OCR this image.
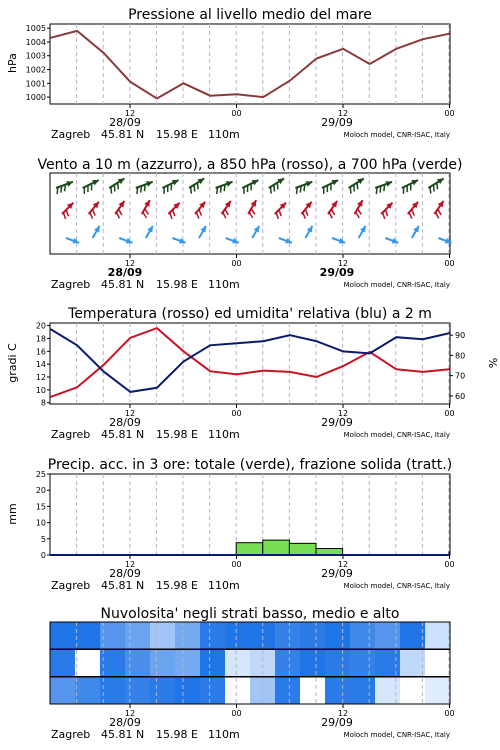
Pressione al livello medio del mare
1005
1004
1003
1002
1001
1000
hPa
12	00	12	00
28/09	29/09
Zagreb 45.81 N 15.98 E 110m	Moloch model, CNR-ISAC, Italy
Vento a 10 m (azzurro), a 850 hPa (rosso), a 700 hPa (verde)
12	00	12	00
28/09	29/09
Zagreb 45.81 N 15.98 E 110m	Moloch model, CNR-ISAC, Italy
Temperatura (rosso) ed umidita' relativa (blu) a 2 m
20
18
16
14
12
10
8
90
80
70
60
gradi C	%
12	00	12	00
28/09	29/09
Zagreb 45.81 N 15.98 E 110m	Moloch model, CNR-ISAC, Italy
Precip. acc. in 3 ore: totale (verde), frazione solida (tratt.)
25
20
15
10
5
0
mm
12	00	12	00
28/09	29/09
Zagreb 45.81 N 15.98 E 110m	Moloch model, CNR-ISAC, Italy
Nuvolosita' negli strati basso, medio e alto
12	00	12	00
28/09	29/09
Zagreb 45.81 N 15.98 E 110m	Moloch model, CNR-ISAC, Italy
